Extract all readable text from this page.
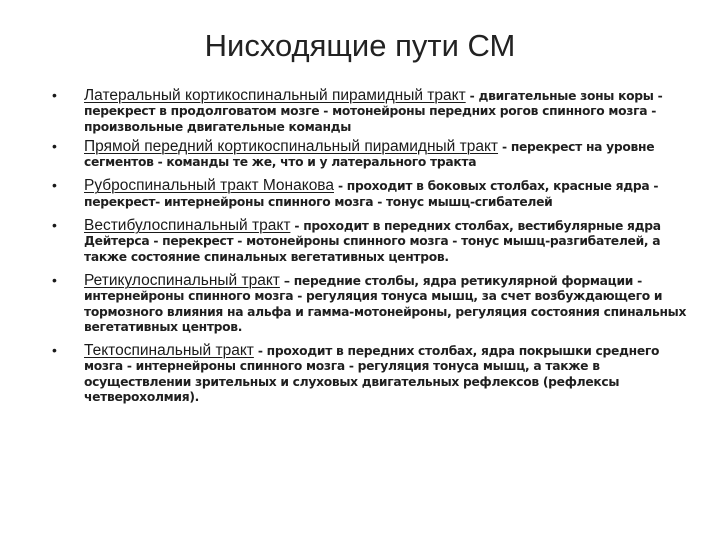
Нисходящие пути СМ
• Латеральный кортикоспинальный пирамидный тракт - двигательные зоны коры - перекрест в продолговатом мозге - мотонейроны передних рогов спинного мозга - произвольные двигательные команды
• Прямой передний кортикоспинальный пирамидный тракт - перекрест на уровне сегментов - команды те же, что и у латерального тракта
• Руброспинальный тракт Монакова - проходит в боковых столбах, красные ядра - перекрест- интернейроны спинного мозга - тонус мышц-сгибателей
• Вестибулоспинальный тракт - проходит в передних столбах, вестибулярные ядра Дейтерса - перекрест - мотонейроны спинного мозга - тонус мышц-разгибателей, а также состояние спинальных вегетативных центров.
• Ретикулоспинальный тракт – передние столбы, ядра ретикулярной формации - интернейроны спинного мозга - регуляция тонуса мышц, за счет возбуждающего и тормозного влияния на альфа и гамма-мотонейроны, регуляция состояния спинальных вегетативных центров.
• Тектоспинальный тракт - проходит в передних столбах, ядра покрышки среднего мозга - интернейроны спинного мозга - регуляция тонуса мышц, а также в осуществлении зрительных и слуховых двигательных рефлексов (рефлексы четверохолмия).
